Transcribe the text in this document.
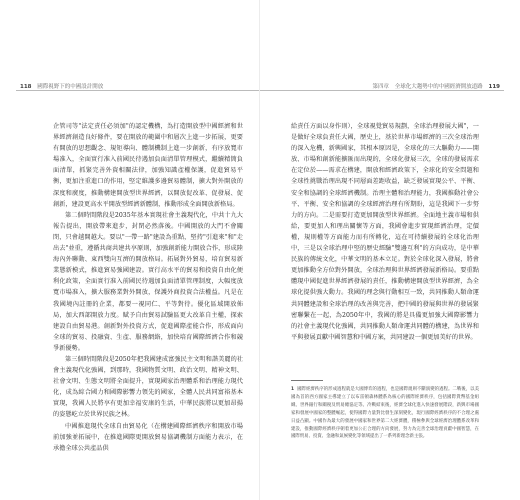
118 國際視野下的中國設計開放

企管司等"法定責任必須加"的認定機構，為打造開放型中國經濟和世界經濟創造良好條件，要在開放的範圍中和層次上進一步拓展，更要有開放的思想觀念、規矩導向、體制機制上進一步創新，有序放寬市場准入，全面實行准入前國民待遇加負面清單管理模式，繼續精簡負面清單，抓緊完善外資相關法律，加強知識產權保護，促進貿易平衡，更加注重進口的作用，堅定維護多邊貿易體制，擴大對外開放的深度和廣度，推動構建開放型世界經濟，以開放促改革、促發展、促創新，建設更高水平開放型經濟新體制，推動形成全面開放新格局。

第二個時間階段是2035年基本實現社會主義現代化，中共十九大報告提出，開放帶來進步，封閉必然落後。中國開放的大門不會關閉，只會越開越大。要以"一帶一路"建設為重點，堅持"引進來"和"走出去"並重，遵循共商共建共享原則，加強創新能力開放合作，形成陸海內外聯動、東西雙向互濟的開放格局。拓展對外貿易，培育貿易新業態新模式，推進貿易強國建設。實行高水平的貿易和投資自由化便利化政策，全面實行准入前國民待遇加負面清單管理制度，大幅度放寬市場准入，擴大服務業對外開放，保護外商投資合法權益。凡是在我國境內註冊的企業，都要一視同仁、平等對待。優化區域開放佈局，加大西部開放力度。賦予自由貿易試驗區更大改革自主權，探索建設自由貿易港。創新對外投資方式，促進國際產能合作，形成面向全球的貿易、投融資、生產、服務網絡，加快培育國際經濟合作和競爭新優勢。

第三個時間階段是2050年把我國建成富強民主文明和諧美麗的社會主義現代化強國，到那時，我國物質文明、政治文明、精神文明、社會文明、生態文明將全面提升，實現國家治理體系和治理能力現代化，成為綜合國力和國際影響力領先的國家，全體人民共同富裕基本實現，我國人民將享有更加幸福安康的生活，中華民族將以更加昂揚的姿態屹立於世界民族之林。

中國推進現代全球自由貿易化（在構建國際經濟秩序和開放市場前加強並拓展中，在推進國際更開放貿易協調機制方面能力表示，在承擔全球公共產品供

第四章 全球化大趨勢中的中國經濟開放道路 119

給責任方面以身作則），全球視覺貿易規劃，全球治理發展大國"，一是做好全球負責任大國，歷史上，基於世界市場經濟的三次全球治理的深入危機，新興國家，其根本原因是，全球化的三大驅動力——開放、市場和創新能擴匯而出現的，全球化發展三次，全球的發展需求在定位於——需求在構建，開放和經濟政策下，全球化的安全問題和全球性挑戰治理出現不同層面差距收益，缺乏發展實現公平、平衡、安全和協調的全球經濟機制。治理主體和治理能力，我國推動社會公平、平衡、安全和協調的全球經濟治理有所期盼，這是我國下一步努力的方向。二是需要打造更加開放型世界經濟。全面地主義市場和供給，要更加人和理出關懷等方面，我國會進步實現經濟治理，定價權，規則權等方面能力而有所轉化，這在可持續發展的全球化治理中，三是以全球治理中堅的歷史經驗"雙邊互利"的方向成功，是中華民族的傳統文化，中華文明的基本立足。對於全球化深入發展，將會更加推動全方位對外開放，全球治理與世界經濟發展新格局。要重點體現中國促進世界經濟發展的責任，推動構建開放型世界經濟，為全球化提供強大動力。我國的理念與行動相互一致，共同推動人類命運共同體建設和全球治理的改善與完善，把中國的發展與世界的發展緊密聯繫在一起，為2050年中，我國的將是具備更加強大國際影響力的社會主義現代化強國，共同推動人類命運共同體的構建，為世界和平與發展貢獻中國智慧和中國方案，共同建設一個更加美好的世界。

1 國際經濟秩序的形成過程就是大國博弈的過程，也是國際規則不斷演變的過程。二戰後，以美國為首的西方國家主導建立了以布雷頓森林體系為核心的國際經濟秩序，包括國際貨幣基金組織、世界銀行和關稅及貿易總協定等。冷戰結束後，經濟全球化進入快速發展階段，新興市場國家和發展中國家的整體崛起，使得國際力量對比發生深刻變化，現行國際經濟秩序的不合理之處日益凸顯。中國作為最大的發展中國家和世界第二大經濟體，積極參與全球經濟治理體系改革和建設，推動國際經濟秩序朝着更加公正合理的方向發展，努力為完善全球治理貢獻中國智慧，在國際貿易、投資、金融和氣候變化等領域提出了一系列新理念新主張。
